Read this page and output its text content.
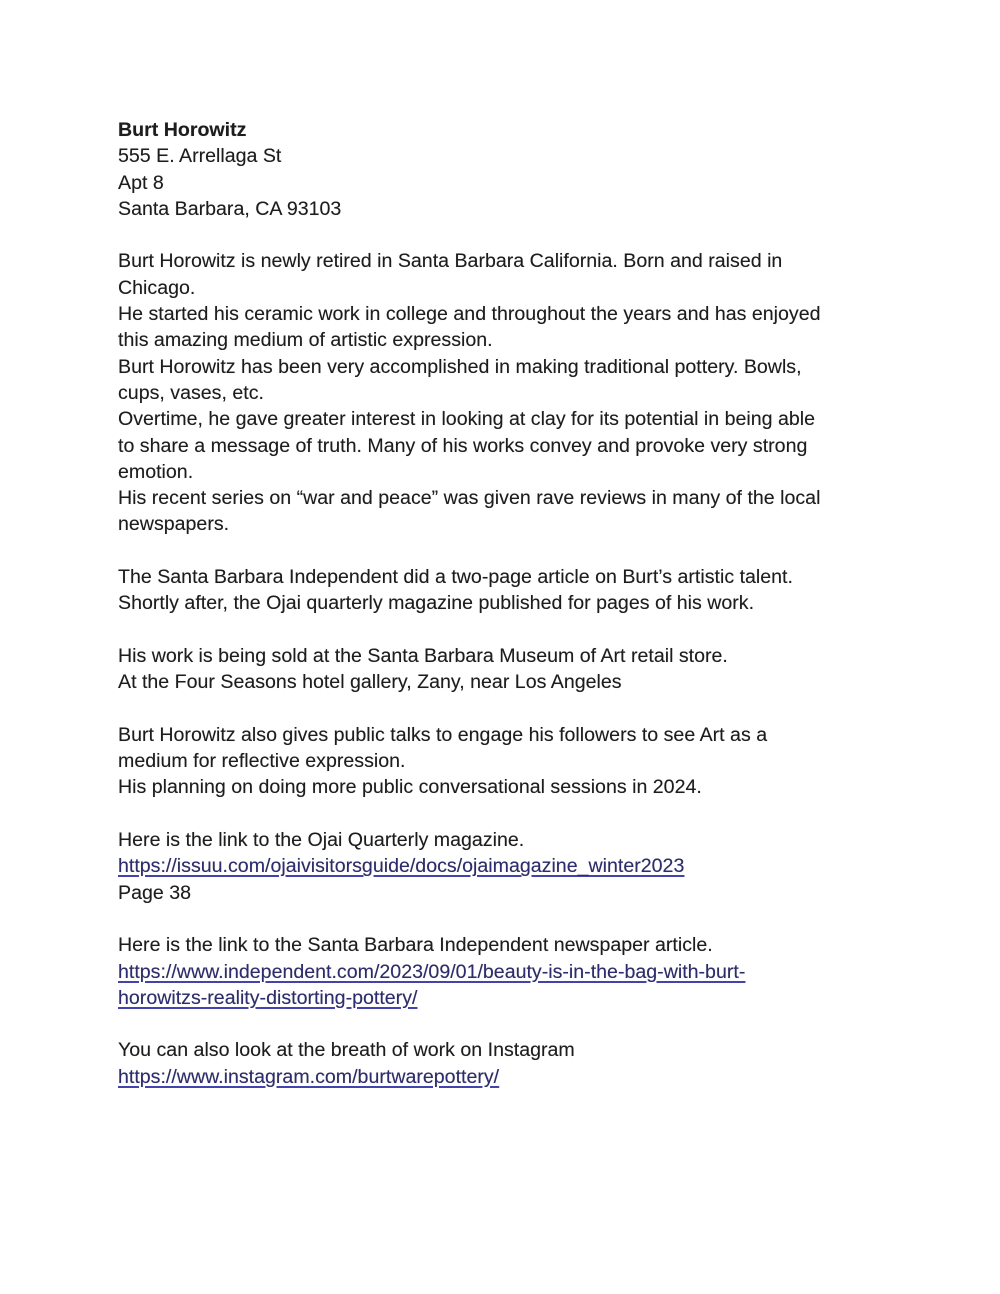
Burt Horowitz
555 E. Arrellaga St
Apt 8
Santa Barbara, CA 93103
Burt Horowitz is newly retired in Santa Barbara California. Born and raised in
Chicago.
He started his ceramic work in college and throughout the years and has enjoyed
this amazing medium of artistic expression.
Burt Horowitz has been very accomplished in making traditional pottery. Bowls,
cups, vases, etc.
Overtime, he gave greater interest in looking at clay for its potential in being able
to share a message of truth. Many of his works convey and provoke very strong
emotion.
His recent series on “war and peace” was given rave reviews in many of the local
newspapers.
The Santa Barbara Independent did a two-page article on Burt’s artistic talent.
Shortly after, the Ojai quarterly magazine published for pages of his work.
His work is being sold at the Santa Barbara Museum of Art retail store.
At the Four Seasons hotel gallery, Zany, near Los Angeles
Burt Horowitz also gives public talks to engage his followers to see Art as a
medium for reflective expression.
His planning on doing more public conversational sessions in 2024.
Here is the link to the Ojai Quarterly magazine.
https://issuu.com/ojaivisitorsguide/docs/ojaimagazine_winter2023
Page 38
Here is the link to the Santa Barbara Independent newspaper article.
https://www.independent.com/2023/09/01/beauty-is-in-the-bag-with-burt-
horowitzs-reality-distorting-pottery/
You can also look at the breath of work on Instagram
https://www.instagram.com/burtwarepottery/
